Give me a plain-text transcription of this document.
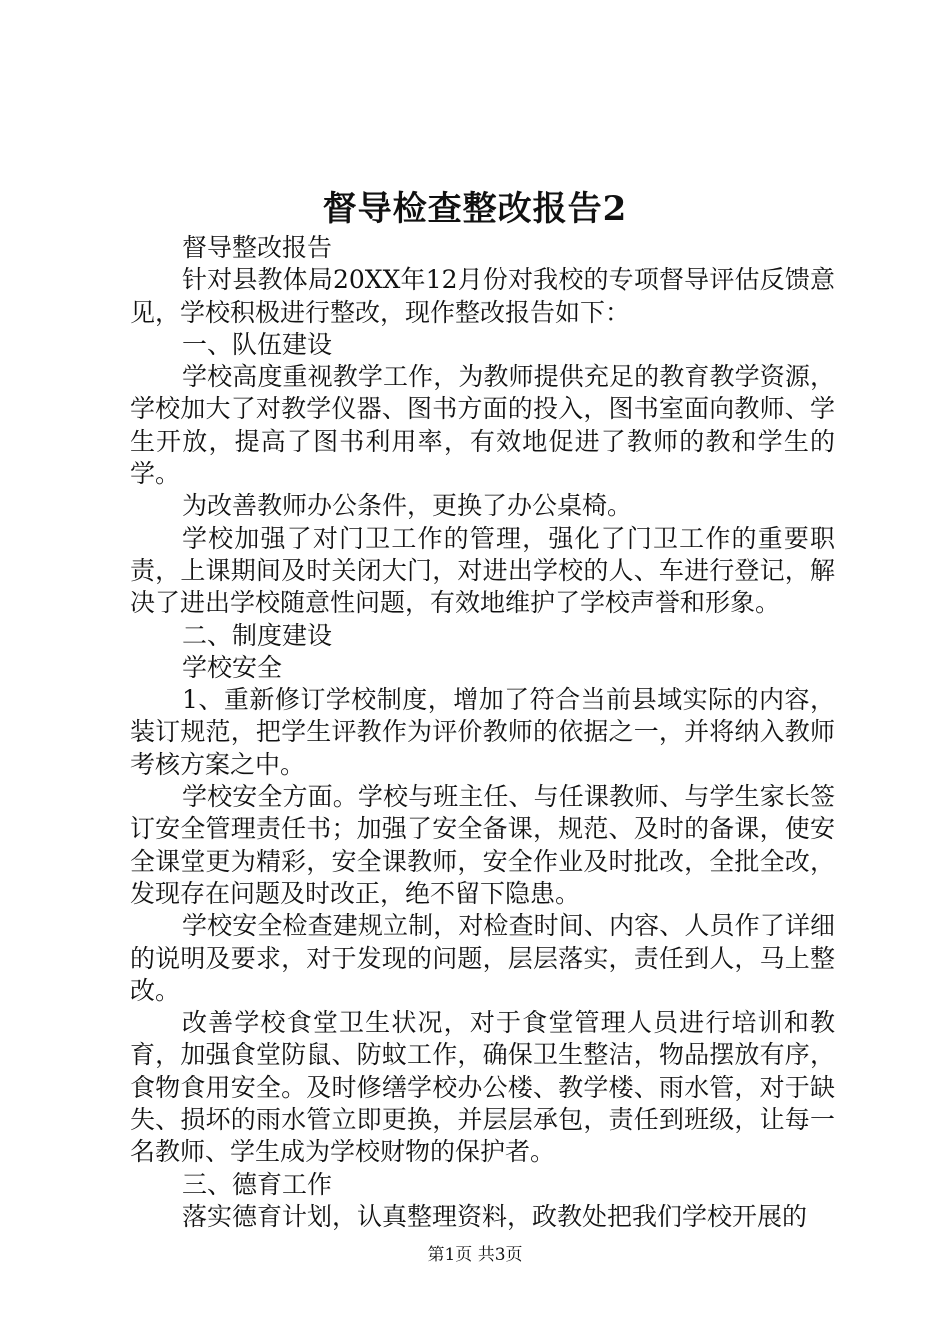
督导检查整改报告2

督导整改报告

针对县教体局20XX年12月份对我校的专项督导评估反馈意见，学校积极进行整改，现作整改报告如下：

一、队伍建设

学校高度重视教学工作，为教师提供充足的教育教学资源，学校加大了对教学仪器、图书方面的投入，图书室面向教师、学生开放，提高了图书利用率，有效地促进了教师的教和学生的学。

为改善教师办公条件，更换了办公桌椅。

学校加强了对门卫工作的管理，强化了门卫工作的重要职责，上课期间及时关闭大门，对进出学校的人、车进行登记，解决了进出学校随意性问题，有效地维护了学校声誉和形象。

二、制度建设

学校安全

1、重新修订学校制度，增加了符合当前县域实际的内容，装订规范，把学生评教作为评价教师的依据之一，并将纳入教师考核方案之中。

学校安全方面。学校与班主任、与任课教师、与学生家长签订安全管理责任书；加强了安全备课，规范、及时的备课，使安全课堂更为精彩，安全课教师，安全作业及时批改，全批全改，发现存在问题及时改正，绝不留下隐患。

学校安全检查建规立制，对检查时间、内容、人员作了详细的说明及要求，对于发现的问题，层层落实，责任到人，马上整改。

改善学校食堂卫生状况，对于食堂管理人员进行培训和教育，加强食堂防鼠、防蚊工作，确保卫生整洁，物品摆放有序，食物食用安全。及时修缮学校办公楼、教学楼、雨水管，对于缺失、损坏的雨水管立即更换，并层层承包，责任到班级，让每一名教师、学生成为学校财物的保护者。

三、德育工作

落实德育计划，认真整理资料，政教处把我们学校开展的

第1页 共3页
